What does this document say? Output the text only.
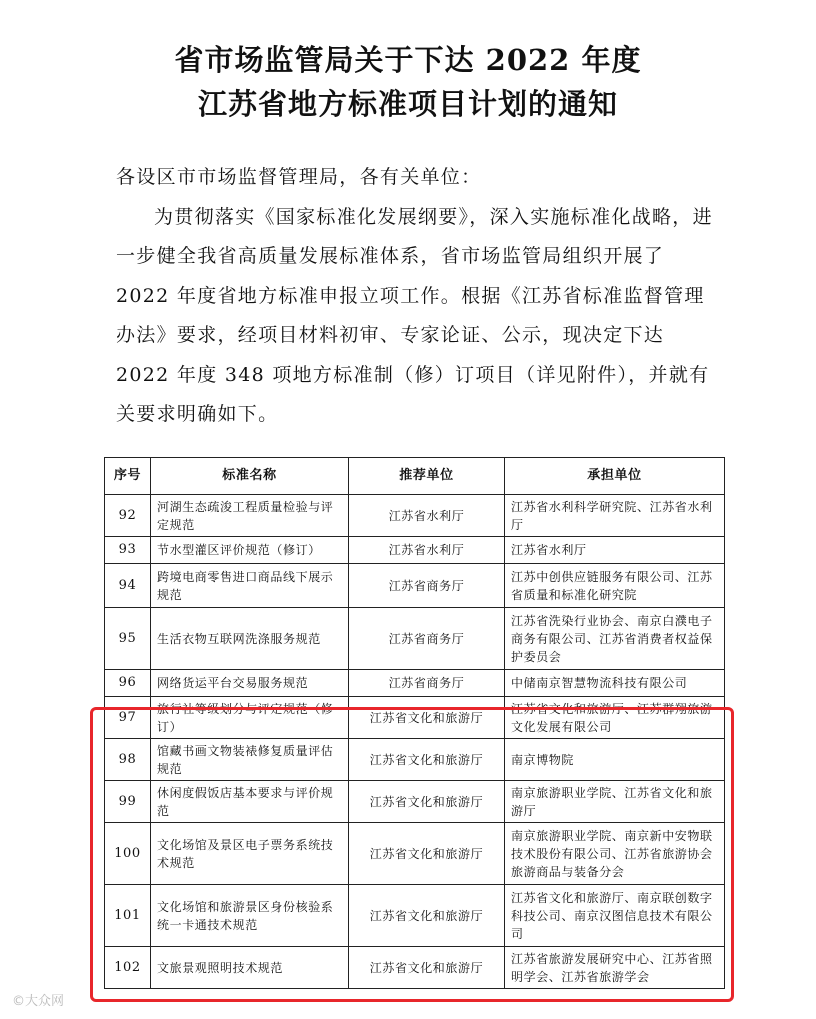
省市场监管局关于下达 2022 年度
江苏省地方标准项目计划的通知

各设区市市场监督管理局，各有关单位：

为贯彻落实《国家标准化发展纲要》，深入实施标准化战略，进一步健全我省高质量发展标准体系，省市场监管局组织开展了 2022 年度省地方标准申报立项工作。根据《江苏省标准监督管理办法》要求，经项目材料初审、专家论证、公示，现决定下达 2022 年度 348 项地方标准制（修）订项目（详见附件），并就有关要求明确如下。

序号	标准名称	推荐单位	承担单位
92	河湖生态疏浚工程质量检验与评定规范	江苏省水利厅	江苏省水利科学研究院、江苏省水利厅
93	节水型灌区评价规范（修订）	江苏省水利厅	江苏省水利厅
94	跨境电商零售进口商品线下展示规范	江苏省商务厅	江苏中创供应链服务有限公司、江苏省质量和标准化研究院
95	生活衣物互联网洗涤服务规范	江苏省商务厅	江苏省洗染行业协会、南京白濮电子商务有限公司、江苏省消费者权益保护委员会
96	网络货运平台交易服务规范	江苏省商务厅	中储南京智慧物流科技有限公司
97	旅行社等级划分与评定规范（修订）	江苏省文化和旅游厅	江苏省文化和旅游厅、江苏群翔旅游文化发展有限公司
98	馆藏书画文物装裱修复质量评估规范	江苏省文化和旅游厅	南京博物院
99	休闲度假饭店基本要求与评价规范	江苏省文化和旅游厅	南京旅游职业学院、江苏省文化和旅游厅
100	文化场馆及景区电子票务系统技术规范	江苏省文化和旅游厅	南京旅游职业学院、南京新中安物联技术股份有限公司、江苏省旅游协会旅游商品与装备分会
101	文化场馆和旅游景区身份核验系统一卡通技术规范	江苏省文化和旅游厅	江苏省文化和旅游厅、南京联创数字科技公司、南京汉图信息技术有限公司
102	文旅景观照明技术规范	江苏省文化和旅游厅	江苏省旅游发展研究中心、江苏省照明学会、江苏省旅游学会
©大众网
